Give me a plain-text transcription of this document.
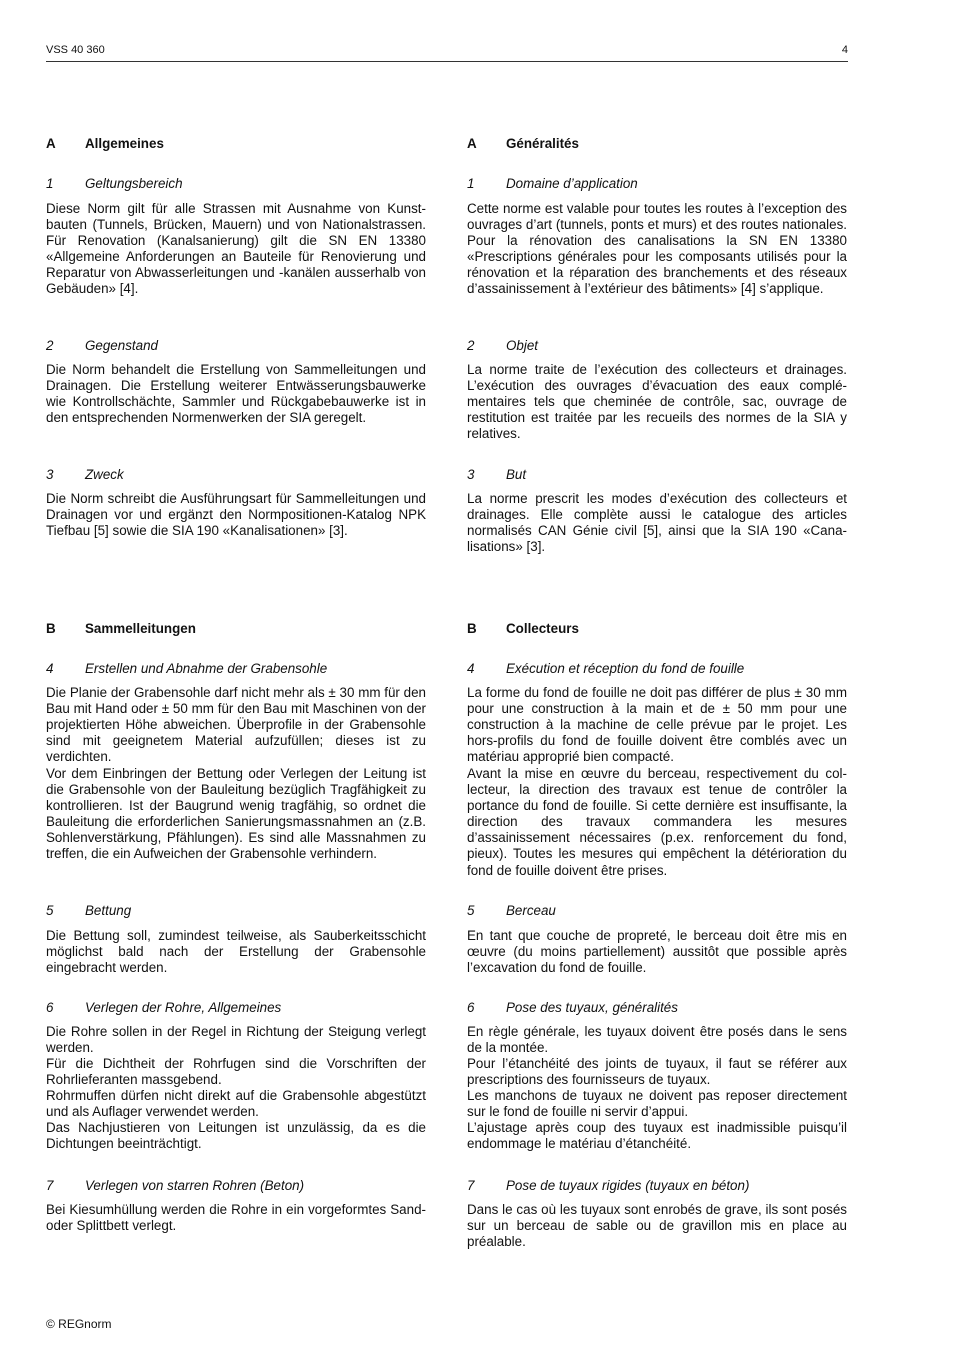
VSS 40 360	4
A Allgemeines
1 Geltungsbereich

Diese Norm gilt für alle Strassen mit Ausnahme von Kunstbauten (Tunnels, Brücken, Mauern) und von Nationalstrassen. Für Renovation (Kanalsanierung) gilt die SN EN 13380 «Allgemeine Anforderungen an Bauteile für Renovierung und Reparatur von Abwasserleitungen und -kanälen ausserhalb von Gebäuden» [4].

2 Gegenstand

Die Norm behandelt die Erstellung von Sammelleitungen und Drainagen. Die Erstellung weiterer Entwässerungsbauwerke wie Kontrollschächte, Sammler und Rückgabebauwerke ist in den entsprechenden Normenwerken der SIA geregelt.

3 Zweck

Die Norm schreibt die Ausführungsart für Sammelleitungen und Drainagen vor und ergänzt den Normpositionen-Katalog NPK Tiefbau [5] sowie die SIA 190 «Kanalisationen» [3].

B Sammelleitungen
4 Erstellen und Abnahme der Grabensohle

Die Planie der Grabensohle darf nicht mehr als ± 30 mm für den Bau mit Hand oder ± 50 mm für den Bau mit Maschinen von der projektierten Höhe abweichen. Überprofile in der Grabensohle sind mit geeignetem Material aufzufüllen; dieses ist zu verdichten.

Vor dem Einbringen der Bettung oder Verlegen der Leitung ist die Grabensohle von der Bauleitung bezüglich Tragfähigkeit zu kontrollieren. Ist der Baugrund wenig tragfähig, so ordnet die Bauleitung die erforderlichen Sanierungsmassnahmen an (z.B. Sohlenverstärkung, Pfählungen). Es sind alle Massnahmen zu treffen, die ein Aufweichen der Grabensohle verhindern.

5 Bettung

Die Bettung soll, zumindest teilweise, als Sauberkeitsschicht möglichst bald nach der Erstellung der Grabensohle eingebracht werden.

6 Verlegen der Rohre, Allgemeines

Die Rohre sollen in der Regel in Richtung der Steigung verlegt werden.

Für die Dichtheit der Rohrfugen sind die Vorschriften der Rohrlieferanten massgebend.

Rohrmuffen dürfen nicht direkt auf die Grabensohle abgestützt und als Auflager verwendet werden.

Das Nachjustieren von Leitungen ist unzulässig, da es die Dichtungen beeinträchtigt.

7 Verlegen von starren Rohren (Beton)

Bei Kiesumhüllung werden die Rohre in ein vorgeformtes Sand- oder Splittbett verlegt.

A Généralités
1 Domaine d’application

Cette norme est valable pour toutes les routes à l’exception des ouvrages d’art (tunnels, ponts et murs) et des routes nationales. Pour la rénovation des canalisations la SN EN 13380 «Prescriptions générales pour les composants utilisés pour la rénovation et la réparation des branchements et des réseaux d’assainissement à l’extérieur des bâtiments» [4] s’applique.

2 Objet

La norme traite de l’exécution des collecteurs et drainages. L’exécution des ouvrages d’évacuation des eaux complémentaires tels que cheminée de contrôle, sac, ouvrage de restitution est traitée par les recueils des normes de la SIA y relatives.

3 But

La norme prescrit les modes d’exécution des collecteurs et drainages. Elle complète aussi le catalogue des articles normalisés CAN Génie civil [5], ainsi que la SIA 190 «Canalisations» [3].

B Collecteurs
4 Exécution et réception du fond de fouille

La forme du fond de fouille ne doit pas différer de plus ± 30 mm pour une construction à la main et de ± 50 mm pour une construction à la machine de celle prévue par le projet. Les hors-profils du fond de fouille doivent être comblés avec un matériau approprié bien compacté.

Avant la mise en œuvre du berceau, respectivement du collecteur, la direction des travaux est tenue de contrôler la portance du fond de fouille. Si cette dernière est insuffisante, la direction des travaux commandera les mesures d’assainissement nécessaires (p.ex. renforcement du fond, pieux). Toutes les mesures qui empêchent la détérioration du fond de fouille doivent être prises.

5 Berceau

En tant que couche de propreté, le berceau doit être mis en œuvre (du moins partiellement) aussitôt que possible après l’excavation du fond de fouille.

6 Pose des tuyaux, généralités

En règle générale, les tuyaux doivent être posés dans le sens de la montée.

Pour l’étanchéité des joints de tuyaux, il faut se référer aux prescriptions des fournisseurs de tuyaux.

Les manchons de tuyaux ne doivent pas reposer directement sur le fond de fouille ni servir d’appui.

L’ajustage après coup des tuyaux est inadmissible puisqu’il endommage le matériau d’étanchéité.

7 Pose de tuyaux rigides (tuyaux en béton)

Dans le cas où les tuyaux sont enrobés de grave, ils sont posés sur un berceau de sable ou de gravillon mis en place au préalable.

© REGnorm
